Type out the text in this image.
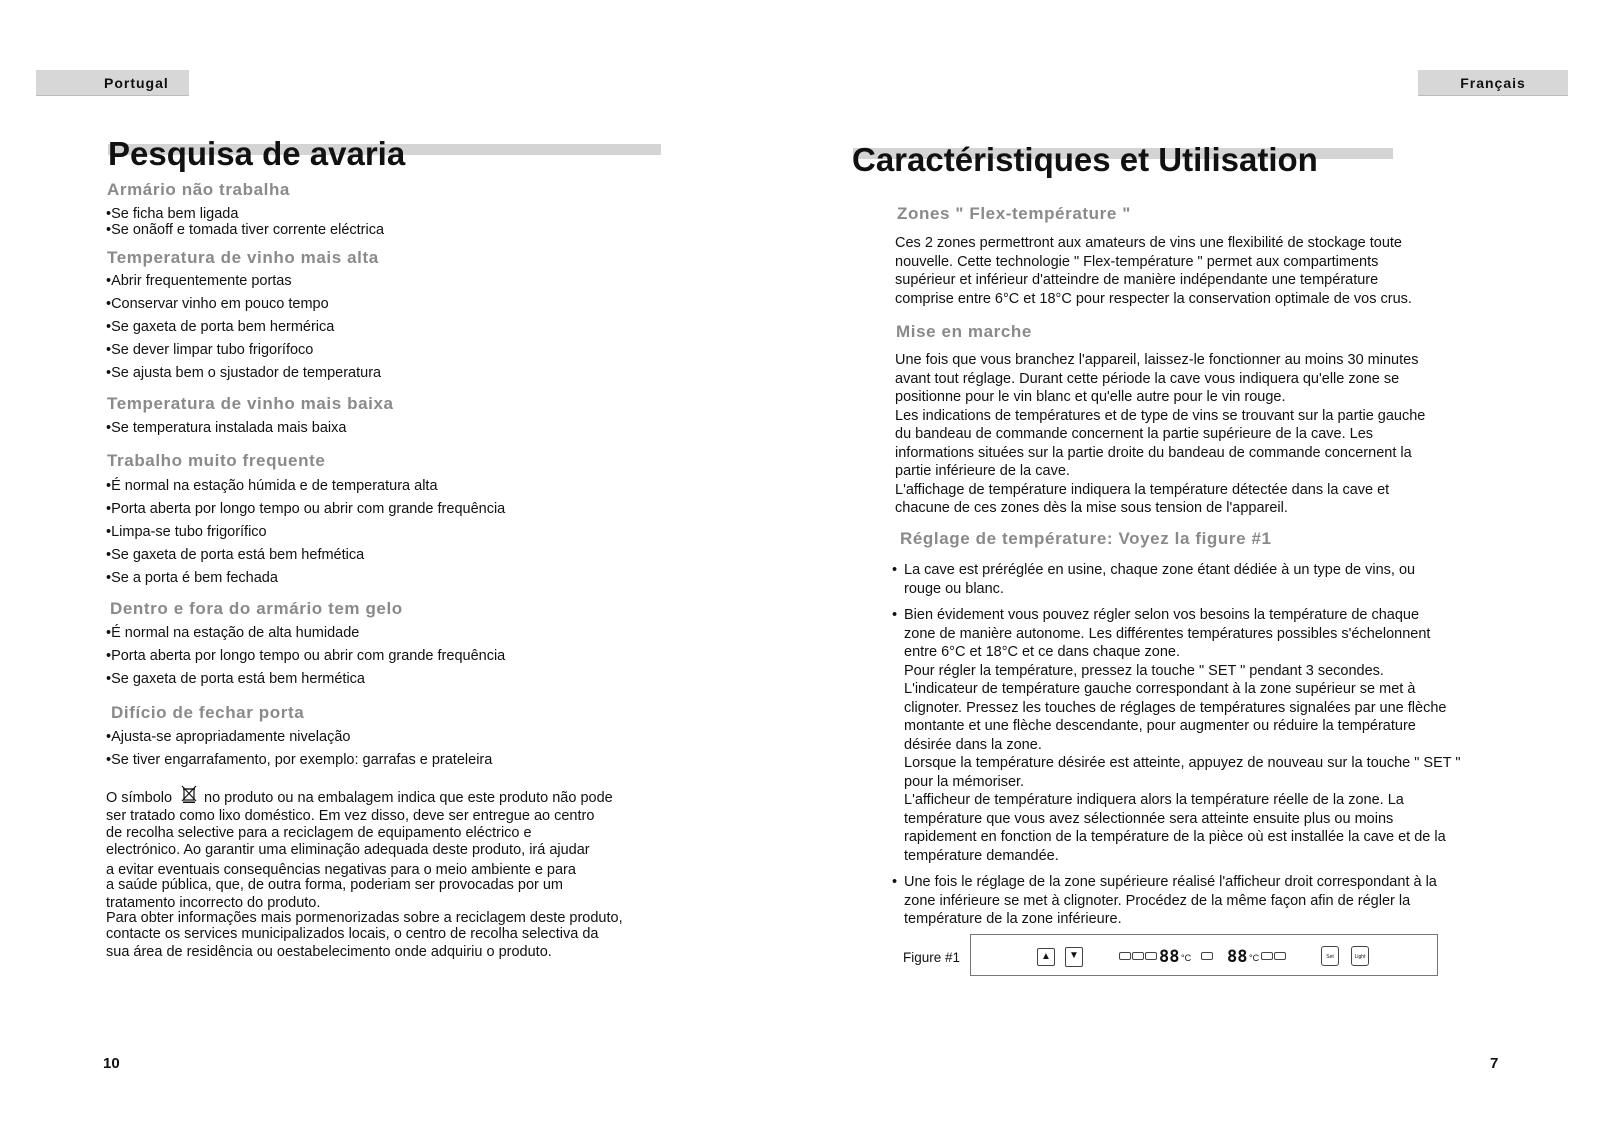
Portugal	Français
Pesquisa de avaria
Armário não trabalha
•Se ficha bem ligada
•Se onãoff e tomada tiver corrente eléctrica
Temperatura de vinho mais alta
•Abrir frequentemente portas
•Conservar vinho em pouco tempo
•Se gaxeta de porta bem hermérica
•Se dever limpar tubo frigorífoco
•Se ajusta bem o sjustador de temperatura
Temperatura de vinho mais baixa
•Se temperatura instalada mais baixa
Trabalho muito frequente
•É normal na estação húmida e de temperatura alta
•Porta aberta por longo tempo ou abrir com grande frequência
•Limpa-se tubo frigorífico
•Se gaxeta de porta está bem hefmética
•Se a porta é bem fechada
Dentro e fora do armário tem gelo
•É normal na estação de alta humidade
•Porta aberta por longo tempo ou abrir com grande frequência
•Se gaxeta de porta está bem hermética
Difício de fechar porta
•Ajusta-se apropriadamente nivelação
•Se tiver engarrafamento, por exemplo: garrafas e prateleira
O símbolo no produto ou na embalagem indica que este produto não pode
ser tratado como lixo doméstico. Em vez disso, deve ser entregue ao centro
de recolha selective para a reciclagem de equipamento eléctrico e
electrónico. Ao garantir uma eliminação adequada deste produto, irá ajudar
a evitar eventuais consequências negativas para o meio ambiente e para
a saúde pública, que, de outra forma, poderiam ser provocadas por um
tratamento incorrecto do produto.
Para obter informações mais pormenorizadas sobre a reciclagem deste produto,
contacte os services municipalizados locais, o centro de recolha selectiva da
sua área de residência ou oestabelecimento onde adquiriu o produto.
10
Caractéristiques et Utilisation
Zones " Flex-température "
Ces 2 zones permettront aux amateurs de vins une flexibilité de stockage toute
nouvelle. Cette technologie " Flex-température " permet aux compartiments
supérieur et inférieur d'atteindre de manière indépendante une température
comprise entre 6°C et 18°C pour respecter la conservation optimale de vos crus.
Mise en marche
Une fois que vous branchez l'appareil, laissez-le fonctionner au moins 30 minutes
avant tout réglage. Durant cette période la cave vous indiquera qu'elle zone se
positionne pour le vin blanc et qu'elle autre pour le vin rouge.
Les indications de températures et de type de vins se trouvant sur la partie gauche
du bandeau de commande concernent la partie supérieure de la cave. Les
informations situées sur la partie droite du bandeau de commande concernent la
partie inférieure de la cave.
L'affichage de température indiquera la température détectée dans la cave et
chacune de ces zones dès la mise sous tension de l'appareil.
Réglage de température: Voyez la figure #1
• La cave est préréglée en usine, chaque zone étant dédiée à un type de vins, ou
rouge ou blanc.
• Bien évidement vous pouvez régler selon vos besoins la température de chaque
zone de manière autonome. Les différentes températures possibles s'échelonnent
entre 6°C et 18°C et ce dans chaque zone.
Pour régler la température, pressez la touche " SET " pendant 3 secondes.
L'indicateur de température gauche correspondant à la zone supérieur se met à
clignoter. Pressez les touches de réglages de températures signalées par une flèche
montante et une flèche descendante, pour augmenter ou réduire la température
désirée dans la zone.
Lorsque la température désirée est atteinte, appuyez de nouveau sur la touche " SET "
pour la mémoriser.
L'afficheur de température indiquera alors la température réelle de la zone. La
température que vous avez sélectionnée sera atteinte ensuite plus ou moins
rapidement en fonction de la température de la pièce où est installée la cave et de la
température demandée.
• Une fois le réglage de la zone supérieure réalisé l'afficheur droit correspondant à la
zone inférieure se met à clignoter. Procédez de la même façon afin de régler la
température de la zone inférieure.
Figure #1	▲	▼	88 °C 88 °C	Set	Light
7
